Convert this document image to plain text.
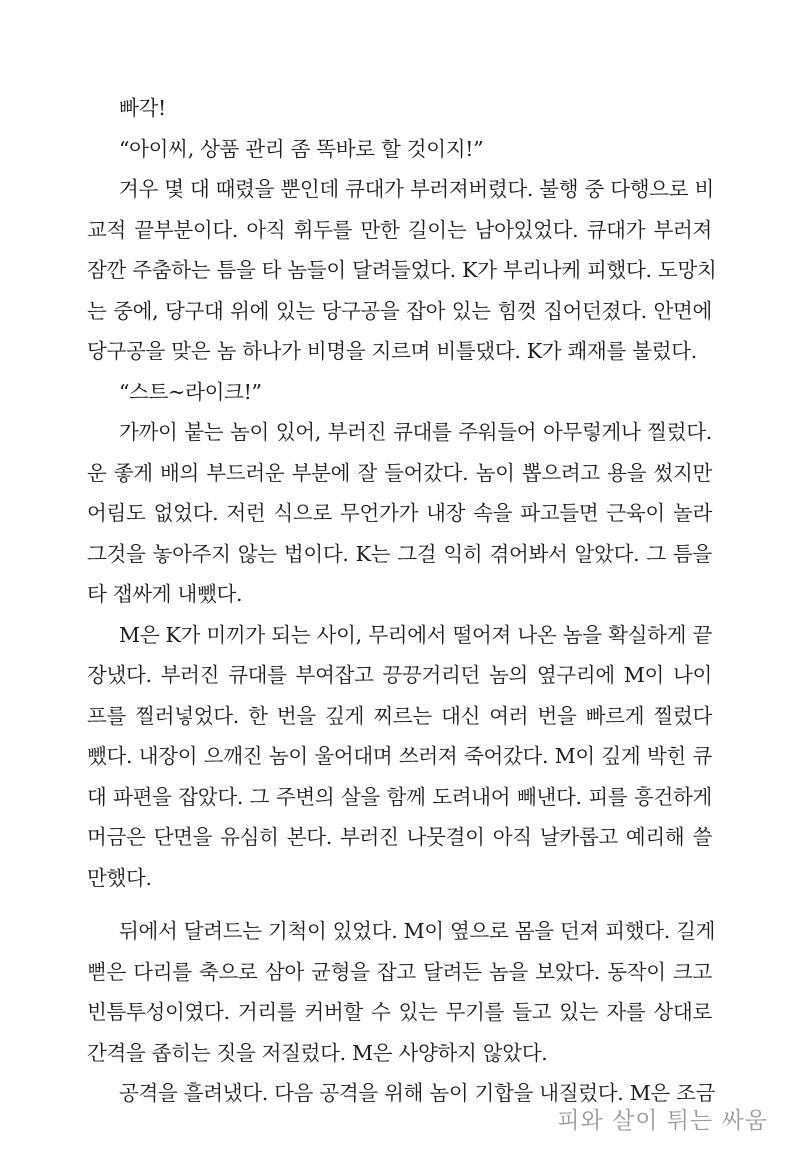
빠각!
“아이씨, 상품 관리 좀 똑바로 할 것이지!”
겨우 몇 대 때렸을 뿐인데 큐대가 부러져버렸다. 불행 중 다행으로 비
교적 끝부분이다. 아직 휘두를 만한 길이는 남아있었다. 큐대가 부러져
잠깐 주춤하는 틈을 타 놈들이 달려들었다. K가 부리나케 피했다. 도망치
는 중에, 당구대 위에 있는 당구공을 잡아 있는 힘껏 집어던졌다. 안면에
당구공을 맞은 놈 하나가 비명을 지르며 비틀댔다. K가 쾌재를 불렀다.
“스트~라이크!”
가까이 붙는 놈이 있어, 부러진 큐대를 주워들어 아무렇게나 찔렀다.
운 좋게 배의 부드러운 부분에 잘 들어갔다. 놈이 뽑으려고 용을 썼지만
어림도 없었다. 저런 식으로 무언가가 내장 속을 파고들면 근육이 놀라
그것을 놓아주지 않는 법이다. K는 그걸 익히 겪어봐서 알았다. 그 틈을
타 잽싸게 내뺐다.
M은 K가 미끼가 되는 사이, 무리에서 떨어져 나온 놈을 확실하게 끝
장냈다. 부러진 큐대를 부여잡고 끙끙거리던 놈의 옆구리에 M이 나이
프를 찔러넣었다. 한 번을 깊게 찌르는 대신 여러 번을 빠르게 찔렀다
뺐다. 내장이 으깨진 놈이 울어대며 쓰러져 죽어갔다. M이 깊게 박힌 큐
대 파편을 잡았다. 그 주변의 살을 함께 도려내어 빼낸다. 피를 흥건하게
머금은 단면을 유심히 본다. 부러진 나뭇결이 아직 날카롭고 예리해 쓸
만했다.
뒤에서 달려드는 기척이 있었다. M이 옆으로 몸을 던져 피했다. 길게
뻗은 다리를 축으로 삼아 균형을 잡고 달려든 놈을 보았다. 동작이 크고
빈틈투성이였다. 거리를 커버할 수 있는 무기를 들고 있는 자를 상대로
간격을 좁히는 짓을 저질렀다. M은 사양하지 않았다.
공격을 흘려냈다. 다음 공격을 위해 놈이 기합을 내질렀다. M은 조금
피와 살이 튀는 싸움
